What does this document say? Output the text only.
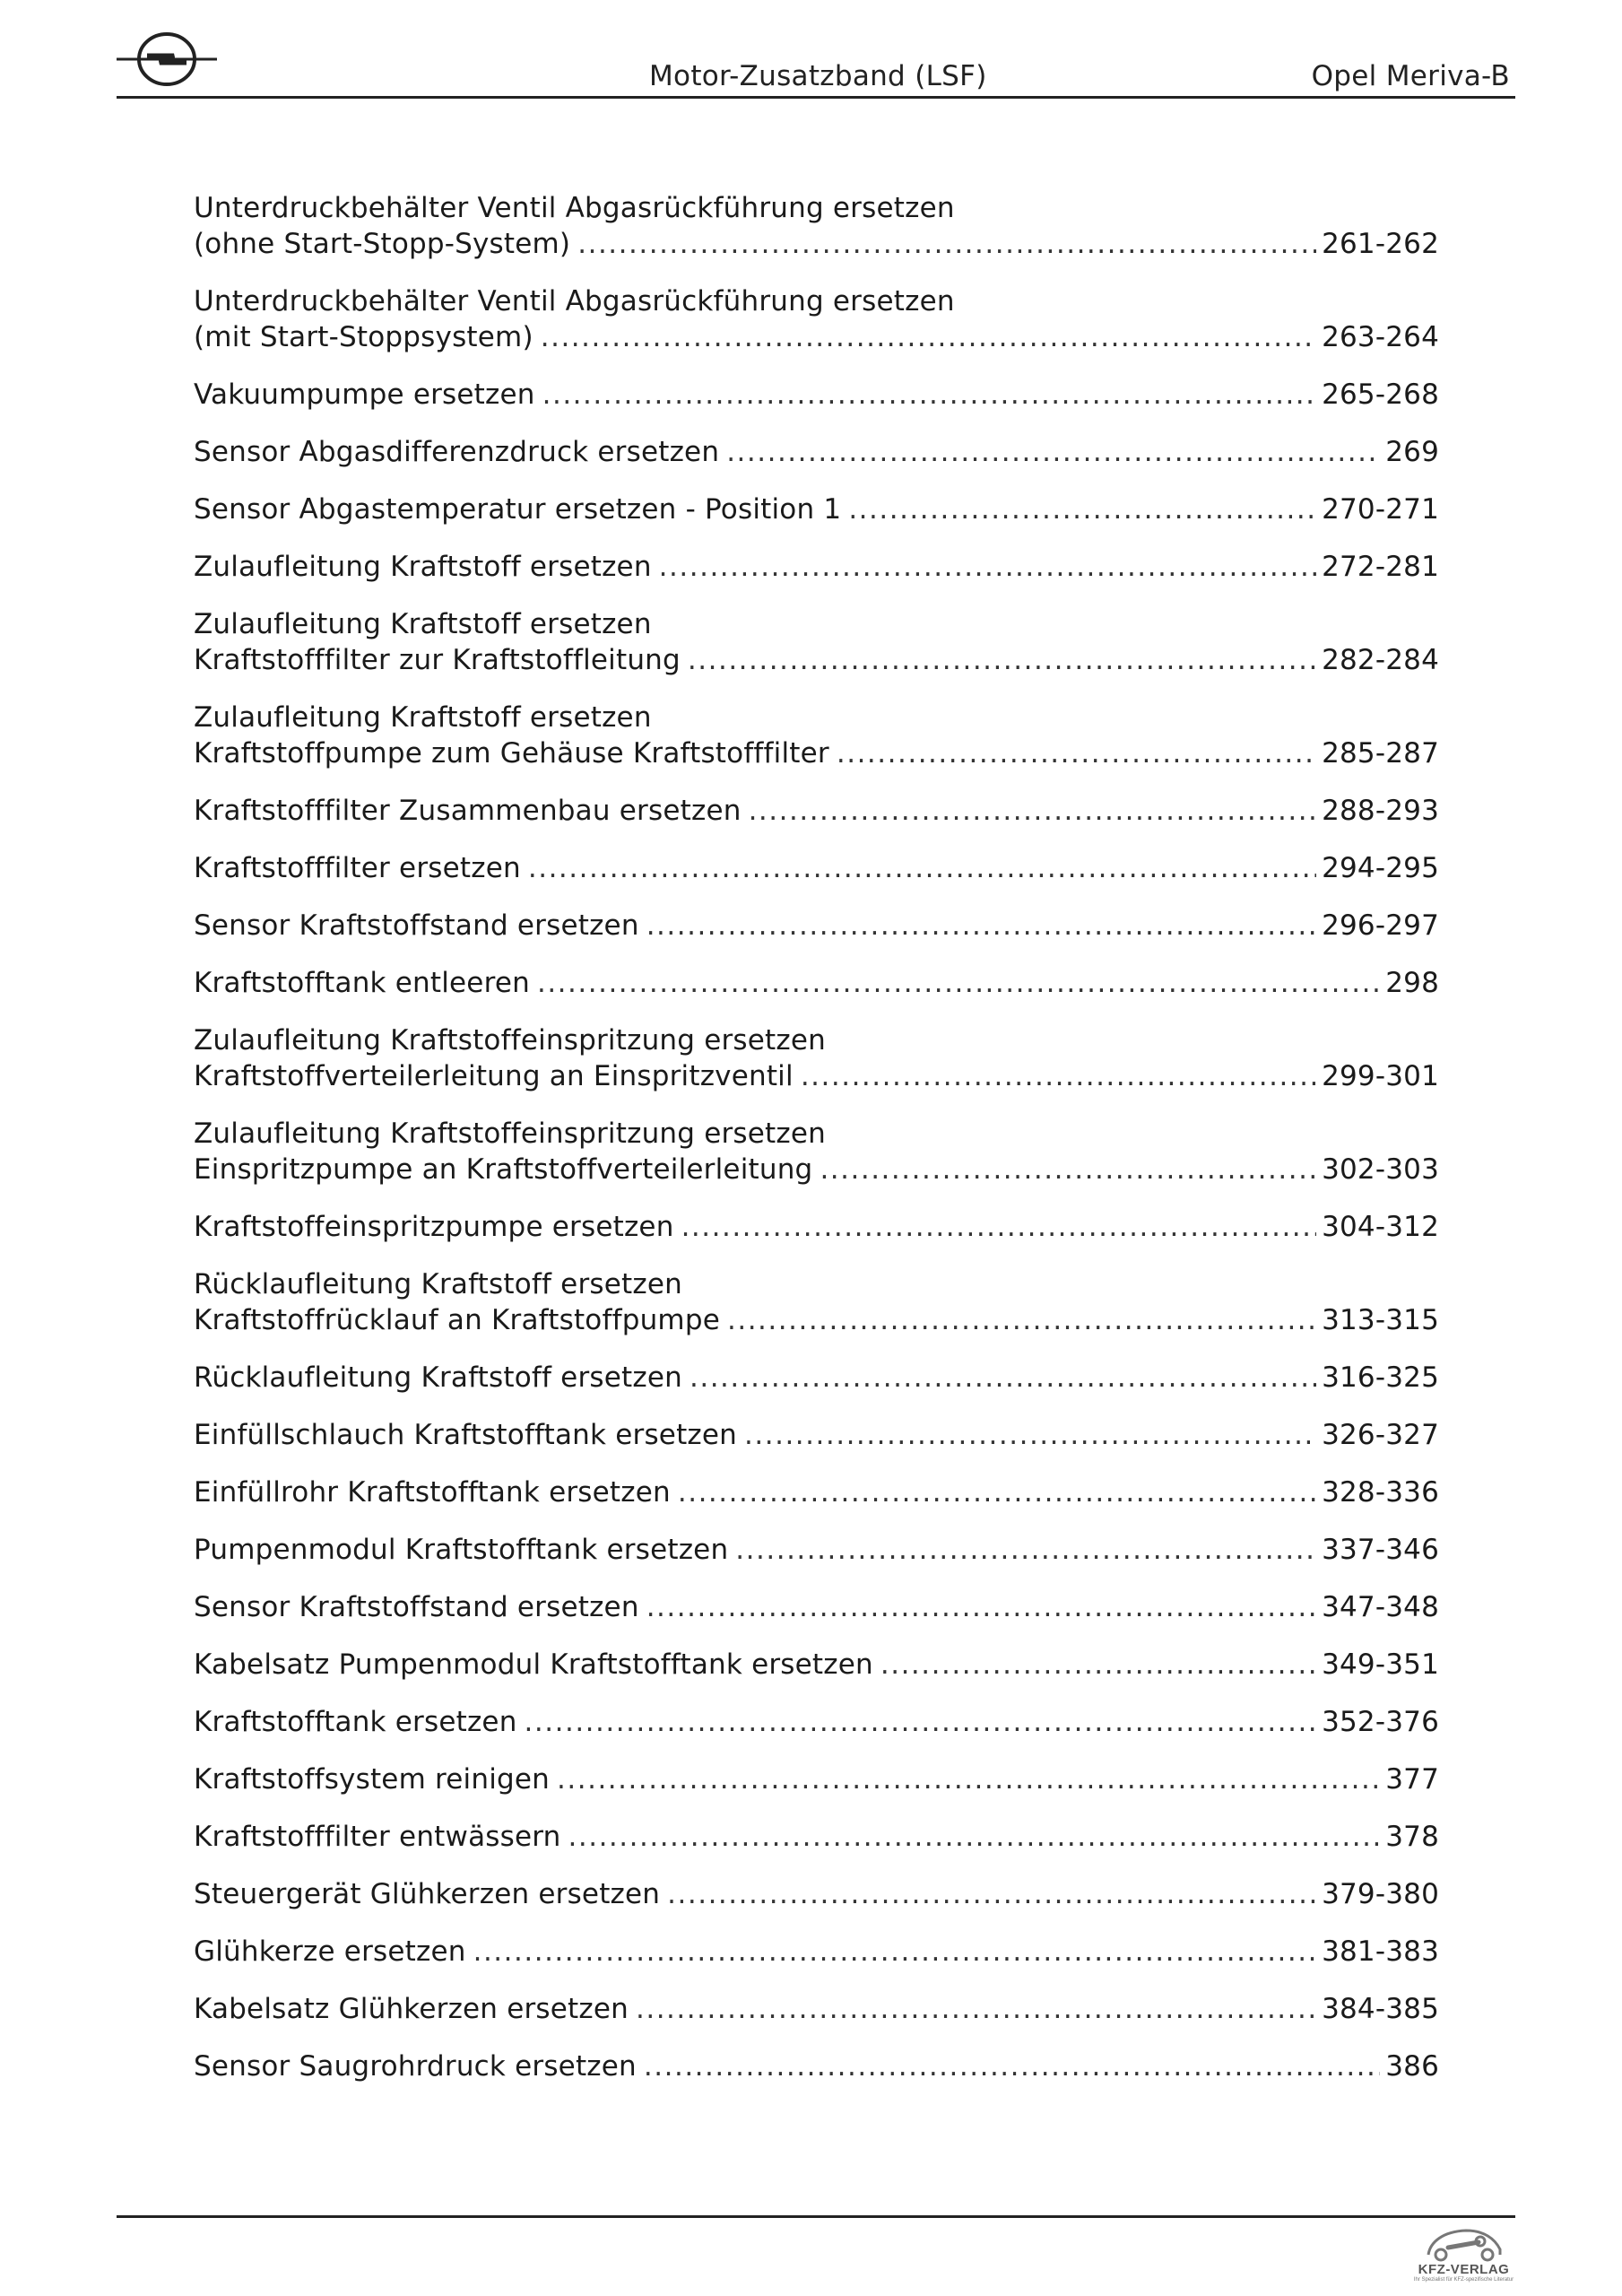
Motor-Zusatzband (LSF)	Opel Meriva-B
Unterdruckbehälter Ventil Abgasrückführung ersetzen
(ohne Start-Stopp-System) .....	261-262
Unterdruckbehälter Ventil Abgasrückführung ersetzen
(mit Start-Stoppsystem) .....	263-264
Vakuumpumpe ersetzen .....	265-268
Sensor Abgasdifferenzdruck ersetzen .....	269
Sensor Abgastemperatur ersetzen - Position 1 .....	270-271
Zulaufleitung Kraftstoff ersetzen .....	272-281
Zulaufleitung Kraftstoff ersetzen
Kraftstofffilter zur Kraftstoffleitung .....	282-284
Zulaufleitung Kraftstoff ersetzen
Kraftstoffpumpe zum Gehäuse Kraftstofffilter .....	285-287
Kraftstofffilter Zusammenbau ersetzen .....	288-293
Kraftstofffilter ersetzen .....	294-295
Sensor Kraftstoffstand ersetzen .....	296-297
Kraftstofftank entleeren .....	298
Zulaufleitung Kraftstoffeinspritzung ersetzen
Kraftstoffverteilerleitung an Einspritzventil .....	299-301
Zulaufleitung Kraftstoffeinspritzung ersetzen
Einspritzpumpe an Kraftstoffverteilerleitung .....	302-303
Kraftstoffeinspritzpumpe ersetzen .....	304-312
Rücklaufleitung Kraftstoff ersetzen
Kraftstoffrücklauf an Kraftstoffpumpe .....	313-315
Rücklaufleitung Kraftstoff ersetzen .....	316-325
Einfüllschlauch Kraftstofftank ersetzen .....	326-327
Einfüllrohr Kraftstofftank ersetzen .....	328-336
Pumpenmodul Kraftstofftank ersetzen .....	337-346
Sensor Kraftstoffstand ersetzen .....	347-348
Kabelsatz Pumpenmodul Kraftstofftank ersetzen .....	349-351
Kraftstofftank ersetzen .....	352-376
Kraftstoffsystem reinigen .....	377
Kraftstofffilter entwässern .....	378
Steuergerät Glühkerzen ersetzen .....	379-380
Glühkerze ersetzen .....	381-383
Kabelsatz Glühkerzen ersetzen .....	384-385
Sensor Saugrohrdruck ersetzen .....	386
KFZ-VERLAG
Ihr Spezialist für KFZ-spezifische Literatur
